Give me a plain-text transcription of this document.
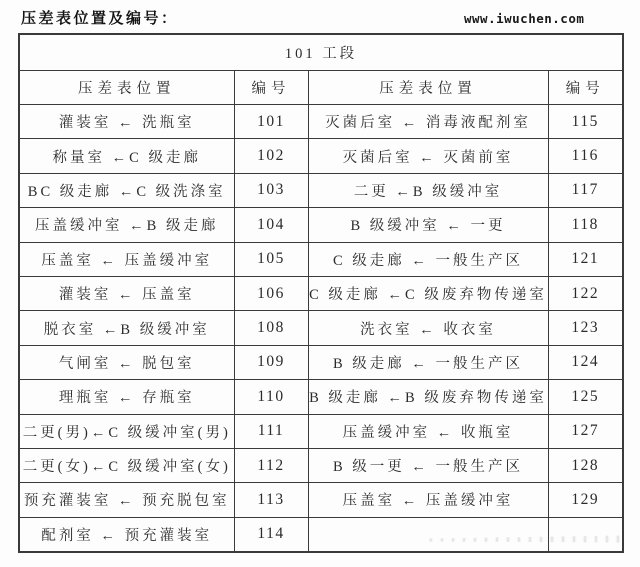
压差表位置及编号：	www.iwuchen.com
101 工段			
压差表位置	编号	压差表位置	编号
灌装室 ← 洗瓶室	101	灭菌后室 ← 消毒液配剂室	115
称量室 ←C 级走廊	102	灭菌后室 ← 灭菌前室	116
BC 级走廊 ←C 级洗涤室	103	二更 ←B 级缓冲室	117
压盖缓冲室 ←B 级走廊	104	B 级缓冲室 ← 一更	118
压盖室 ← 压盖缓冲室	105	C 级走廊 ← 一般生产区	121
灌装室 ← 压盖室	106	C 级走廊 ←C 级废弃物传递室	122
脱衣室 ←B 级缓冲室	108	洗衣室 ← 收衣室	123
气闸室 ← 脱包室	109	B 级走廊 ← 一般生产区	124
理瓶室 ← 存瓶室	110	B 级走廊 ←B 级废弃物传递室	125
二更(男)←C 级缓冲室(男)	111	压盖缓冲室 ← 收瓶室	127
二更(女)←C 级缓冲室(女)	112	B 级一更 ← 一般生产区	128
预充灌装室 ← 预充脱包室	113	压盖室 ← 压盖缓冲室	129
配剂室 ← 预充灌装室	114		
